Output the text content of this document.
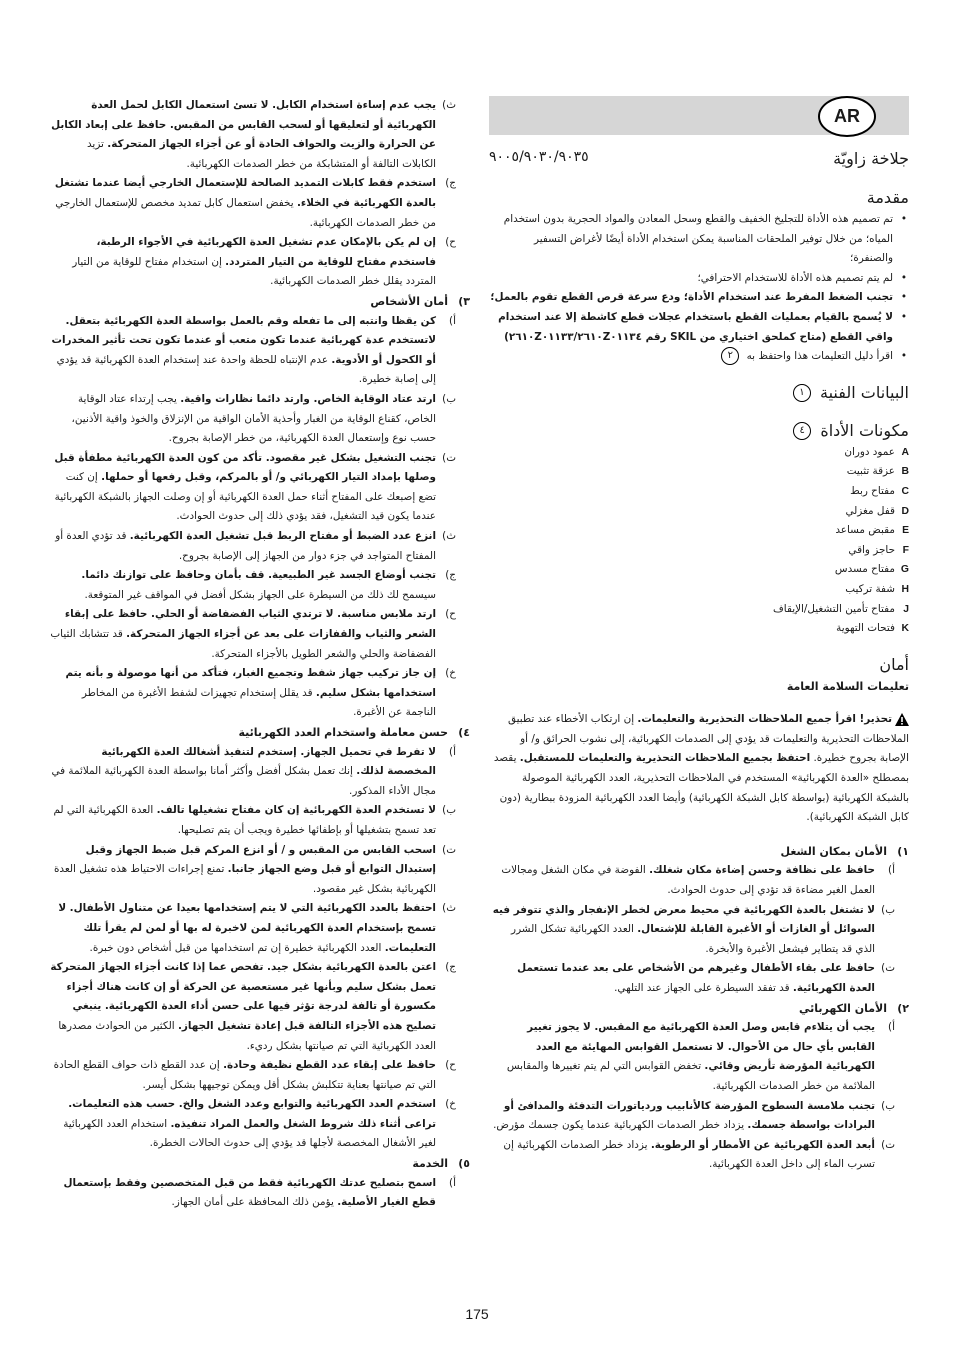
AR
جلاخة زاويّة
٩٠٠٥/٩٠٣٠/٩٠٣٥
مقدمة
• تم تصميم هذه الأداة للتجليخ الخفيف والقطع وسحل المعادن والمواد الحجرية بدون استخدام المياه؛ من خلال توفير الملحقات المناسبة يمكن استخدام الأداة أيضًا لأغراض التسفير والصنفرة؛
• لم يتم تصميم هذه الأداة للاستخدام الاحترافي؛
• تجنب الضغط المفرط عند استخدام الأداة؛ ودع سرعة قرص القطع تقوم بالعمل؛
• لا يُسمح بالقيام بعمليات القطع باستخدام عجلات قطع كاشطة إلا عند استخدام واقي القطع (متاح كملحق اختياري من SKIL رقم ٢٦١٠Z٠١١٣٣/٢٦١٠Z٠١١٣٤)
• اقرأ دليل التعليمات هذا واحتفظ به ٢
البيانات الفنية ١
مكونات الأداة ٤
A
عمود دوران
B
عزقة تثبيت
C
مفتاح ربط
D
قفل مغزلي
E
مقبض مساعد
F
حاجز واقي
G
مفتاح مسدس
H
شفة تركيب
J
مفتاح تأمين التشغيل/الإيقاف
K
فتحات التهوية
أمان
تعليمات السلامة العامة
تحذير! اقرأ جميع الملاحظات التحذيرية والتعليمات. إن ارتكاب الأخطاء عند تطبيق الملاحظات التحذيرية والتعليمات قد يؤدي إلى الصدمات الكهربائية، إلى نشوب الحرائق و/ أو الإصابة بجروح خطيرة. احتفظ بجميع الملاحظات التحذيرية والتعليمات للمستقبل. يقصد بمصطلح «العدة الكهربائية» المستخدم في الملاحظات التحذيرية، العدد الكهربائية الموصولة بالشبكة الكهربائية (بواسطة كابل الشبكة الكهربائية) وأيضا العدد الكهربائية المزودة ببطارية (دون كابل الشبكة الكهربائية).
١)
الأمان بمكان الشغل
أ)
حافظ على نظافة وحسن إضاءة مكان شغلك. الفوضة في مكان الشغل ومجالات العمل الغير مضاءة قد تؤدي إلى حدوث الحوادث.
ب)
لا تشتغل بالعدة الكهربائية في محيط معرض لخطر الإنفجار والذي تتوفر فيه السوائل أو الغازات أو الأغبرة القابلة للإشتعال. العدد الكهربائية تشكل الشرر الذي قد يتطاير فيشعل الأغبرة والأبخرة.
ت)
حافظ على بقاء الأطفال وغيرهم من الأشخاص على بعد عندما تستعمل العدة الكهربائية. قد تفقد السيطرة على الجهاز عند التلهي.
٢)
الأمان الكهربائي
أ)
يجب أن يتلاءم قابس وصل العدة الكهربائية مع المقبس. لا يجوز تغيير القابس بأي حال من الأحوال. لا تستعمل القوابس المهايئة مع العدد الكهربائية المؤرضة تأريض وقائي. تخفض القوابس التي لم يتم تغييرها والمقابس الملائمة من خطر الصدمات الكهربائية.
ب)
تجنب ملامسة السطوح المؤرضة كالأنابيب وردياتورات التدفئة والمدافئ أو البرادات بواسطة جسمك. يزداد خطر الصدمات الكهربائية عندما يكون جسمك مؤرض.
ت)
أبعد العدة الكهربائية عن الأمطار أو الرطوبة. يزداد خطر الصدمات الكهربائية إن تسرب الماء إلى داخل العدة الكهربائية.
ث)
يجب عدم إساءة استخدام الكابل. لا تسئ استعمال الكابل لحمل العدة الكهربائية أو لتعليقها أو لسحب القابس من المقبس. حافظ على إبعاد الكابل عن الحرارة والزيت والحواف الحادة أو عن أجزاء الجهاز المتحركة. تزيد الكابلات التالفة أو المتشابكة من خطر الصدمات الكهربائية.
ج)
استخدم فقط كابلات التمديد الصالحة للإستعمال الخارجي أيضا عندما تشتغل بالعدة الكهربائية في الخلاء. يخفض استعمال كابل تمديد مخصص للإستعمال الخارجي من خطر الصدمات الكهربائية.
ح)
إن لم يكن بالإمكان عدم تشغيل العدة الكهربائية في الأجواء الرطبة، فاستخدم مفتاح للوقاية من التيار المتردد. إن استخدام مفتاح للوقاية من التيار المتردد يقلل خطر الصدمات الكهربائية.
٣)
أمان الأشخاص
أ)
كن يقظا وانتبه إلى ما تفعله وقم بالعمل بواسطة العدة الكهربائية بتعقل. لاتستخدم عدة كهربائية عندما تكون متعب أو عندما تكون تحت تأثير المخدرات أو الكحول أو الأدوية. عدم الإنتباه للحظة واحدة عند إستخدام العدة الكهربائية قد يؤدي إلى إصابة خطيرة.
ب)
ارتد عتاد الوقاية الخاص. وارتد دائما نظارات واقية. يجب إرتداء عتاد الوقاية الخاص، كقناع الوقاية من الغبار وأحذية الأمان الواقية من الإنزلاق والخوذ واقية الأذنين، حسب نوع وإستعمال العدة الكهربائية، من خطر الإصابة بجروح.
ت)
تجنب التشغيل بشكل غير مقصود. تأكد من كون العدة الكهربائية مطفأة قبل وصلها بإمداد التيار الكهربائي و/ أو بالمركم، وقبل رفعها أو حملها. إن كنت تضع إصبعك على المفتاح أثناء حمل العدة الكهربائية أو إن وصلت الجهاز بالشبكة الكهربائية عندما يكون قيد التشغيل، فقد يؤدي ذلك إلى حدوث الحوادث.
ث)
انزع عدد الضبط أو مفتاح الربط قبل تشغيل العدة الكهربائية. قد تؤدي العدة أو المفتاح المتواجد في جزء دوار من الجهاز إلى الإصابة بجروح.
ج)
تجنب أوضاع الجسد غير الطبيعية. قف بأمان وحافظ على توازنك دائما. سيسمح لك ذلك من السيطرة على الجهاز بشكل أفضل في المواقف غير المتوقعة.
ح)
ارتد ملابس مناسبة. لا ترتدي الثياب الفضفاضة أو الحلي. حافظ على إبقاء الشعر والثياب والقفازات على بعد عن أجزاء الجهاز المتحركة. قد تتشابك الثياب الفضفاضة والحلي والشعر الطويل بالأجزاء المتحركة.
خ)
إن جاز تركيب جهاز شفط وتجميع الغبار، فتأكد من أنها موصولة و بأنه يتم استخدامها بشكل سليم. قد يقلل إستخدام تجهيزات لشفط الأغبرة من المخاطر الناجمة عن الأغبرة.
٤)
حسن معاملة واستخدام العدد الكهربائية
أ)
لا تفرط في تحميل الجهاز. إستخدم لتنفيذ أشغالك العدة الكهربائية المخصصة لذلك. إنك تعمل بشكل أفضل وأكثر أمانا بواسطة العدة الكهربائية الملائمة في مجال الأداء المذكور.
ب)
لا تستخدم العدة الكهربائية إن كان مفتاح تشغيلها تالف. العدة الكهربائية التي لم تعد تسمح بتشغيلها أو بإطفائها خطيرة ويجب أن يتم تصليحها.
ت)
اسحب القابس من المقبس و / أو انزع المركم قبل ضبط الجهاز وقبل إستبدال التوابع أو قبل وضع الجهاز جانبا. تمنع إجراءات الاحتياط هذه تشغيل العدة الكهربائية بشكل غير مقصود.
ث)
احتفظ بالعدد الكهربائية التي لا يتم إستخدامها بعيدا عن متناول الأطفال. لا تسمح بإستخدام العدة الكهربائية لمن لاخبرة له بها أو لمن لم يقرأ تلك التعليمات. العدد الكهربائية خطيرة إن تم استخدامها من قبل أشخاص دون خبرة.
ج)
اعتن بالعدة الكهربائية بشكل جيد. تفحص عما إذا كانت أجزاء الجهاز المتحركة تعمل بشكل سليم وبأنها غير مستعصية عن الحركة أو إن كانت هناك أجزاء مكسورة أو تالفة لدرجة تؤثر فيها على حسن أداء العدة الكهربائية. ينبغي تصليح هذه الأجزاء التالفة قبل إعادة تشغيل الجهاز. الكثير من الحوادث مصدرها العدد الكهربائية التي تم صيانتها بشكل رديء.
ح)
حافظ على إبقاء عدد القطع نظيفة وحادة. إن عدد القطع ذات حواف القطع الحادة التي تم صيانتها بعناية تتكلبش بشكل أقل ويمكن توجيهها بشكل أيسر.
خ)
استخدم العدد الكهربائية والتوابع وعدد الشغل والخ. حسب هذه التعليمات. تراعى أثناء ذلك شروط الشغل والعمل المراد تنفيذه. استخدام العدد الكهربائية لغير الأشغال المخصصة لأجلها قد يؤدي إلى حدوث الحالات الخطرة.
٥)
الخدمة
أ)
اسمح بتصليح عدتك الكهربائية فقط من قبل المتخصصين وفقط بإستعمال قطع الغيار الأصلية. يؤمن ذلك المحافظة على أمان الجهاز.
175
